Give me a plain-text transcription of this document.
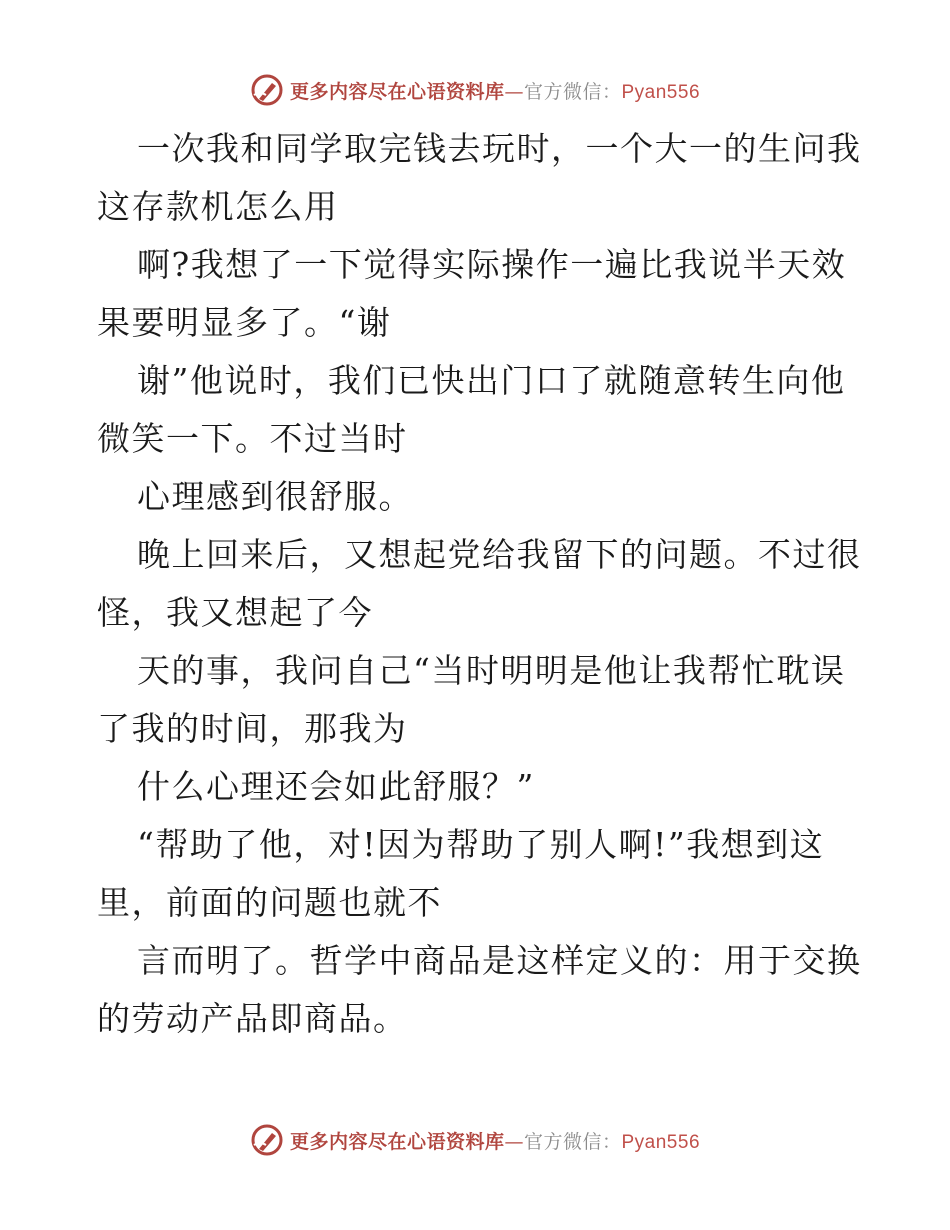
更多内容尽在心语资料库—官方微信：Pyan556
一次我和同学取完钱去玩时，一个大一的生问我
这存款机怎么用
啊?我想了一下觉得实际操作一遍比我说半天效
果要明显多了。“谢
谢”他说时，我们已快出门口了就随意转生向他
微笑一下。不过当时
心理感到很舒服。
晚上回来后，又想起党给我留下的问题。不过很
怪，我又想起了今
天的事，我问自己“当时明明是他让我帮忙耽误
了我的时间，那我为
什么心理还会如此舒服？”
“帮助了他，对!因为帮助了别人啊!”我想到这
里，前面的问题也就不
言而明了。哲学中商品是这样定义的：用于交换
的劳动产品即商品。
更多内容尽在心语资料库—官方微信：Pyan556
